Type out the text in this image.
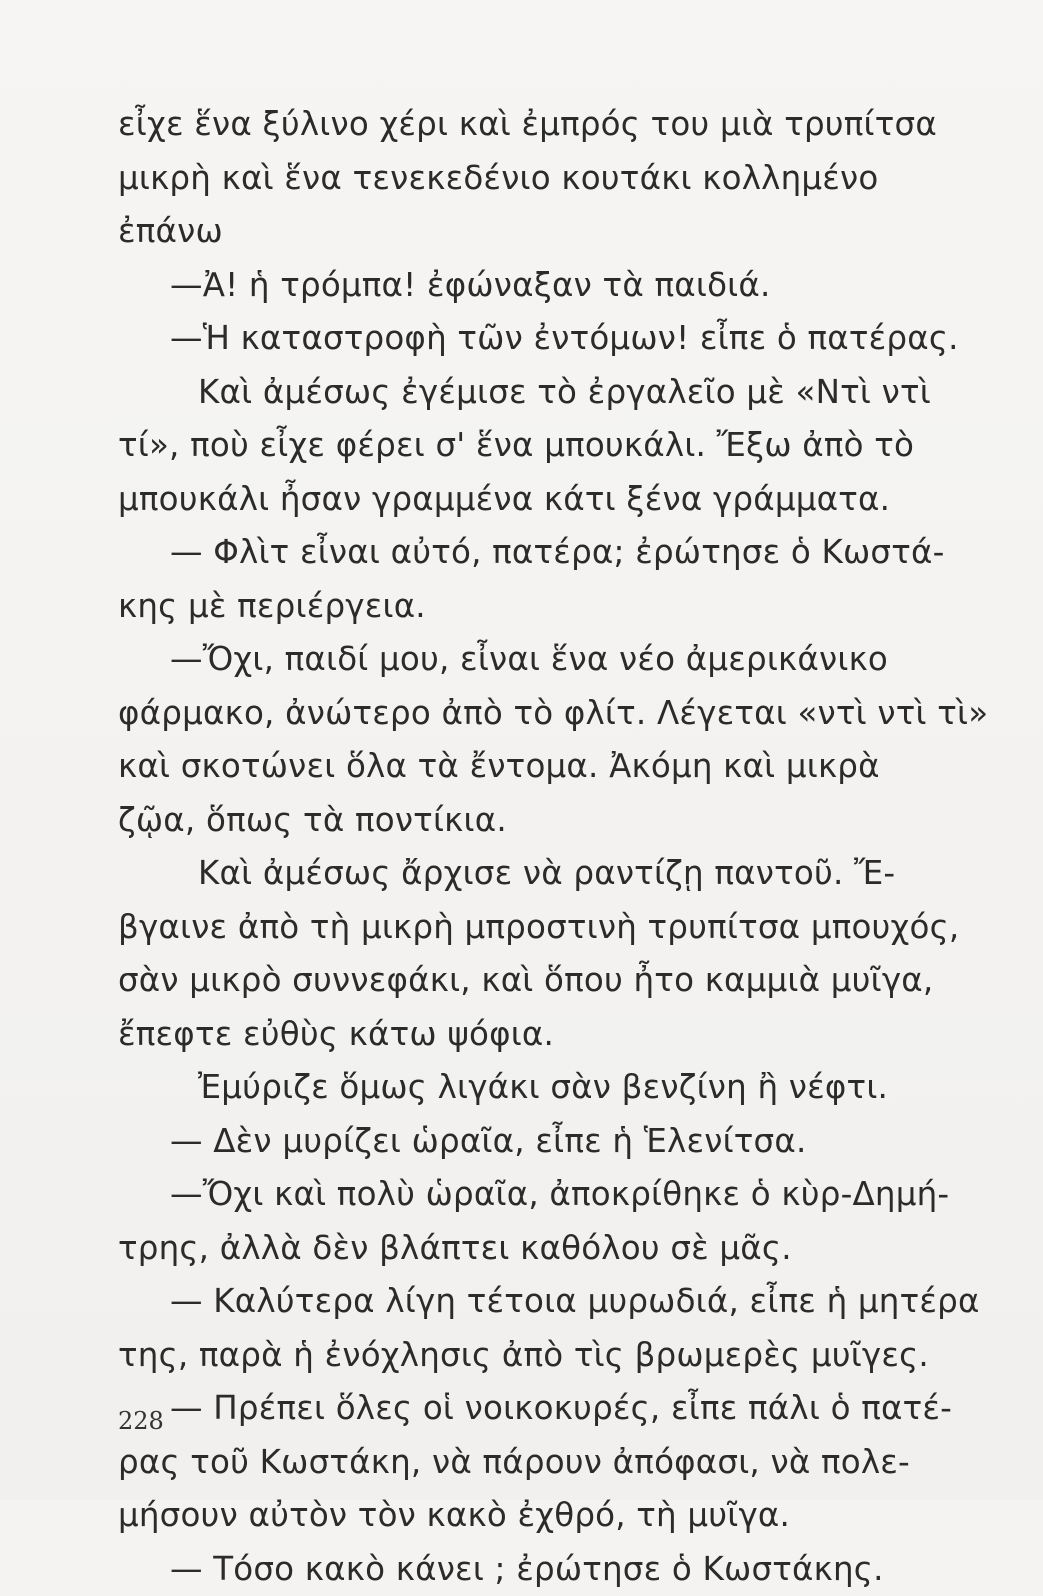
εἶχε ἕνα ξύλινο χέρι καὶ ἐμπρός του μιὰ τρυπίτσα
μικρὴ καὶ ἕνα τενεκεδένιο κουτάκι κολλημένο
ἐπάνω
—Ἀ! ἡ τρόμπα! ἐφώναξαν τὰ παιδιά.
—Ἡ καταστροφὴ τῶν ἐντόμων! εἶπε ὁ πατέρας.
Καὶ ἀμέσως ἐγέμισε τὸ ἐργαλεῖο μὲ «Ντὶ ντὶ
τί», ποὺ εἶχε φέρει σ' ἕνα μπουκάλι. Ἔξω ἀπὸ τὸ
μπουκάλι ἦσαν γραμμένα κάτι ξένα γράμματα.
— Φλὶτ εἶναι αὐτό, πατέρα; ἐρώτησε ὁ Κωστά-
κης μὲ περιέργεια.
—Ὄχι, παιδί μου, εἶναι ἕνα νέο ἀμερικάνικο
φάρμακο, ἀνώτερο ἀπὸ τὸ φλίτ. Λέγεται «ντὶ ντὶ τὶ»
καὶ σκοτώνει ὅλα τὰ ἔντομα. Ἀκόμη καὶ μικρὰ
ζῷα, ὅπως τὰ ποντίκια.
Καὶ ἀμέσως ἄρχισε νὰ ραντίζῃ παντοῦ. Ἔ-
βγαινε ἀπὸ τὴ μικρὴ μπροστινὴ τρυπίτσα μπουχός,
σὰν μικρὸ συννεφάκι, καὶ ὅπου ἦτο καμμιὰ μυῖγα,
ἔπεφτε εὐθὺς κάτω ψόφια.
Ἐμύριζε ὅμως λιγάκι σὰν βενζίνη ἢ νέφτι.
— Δὲν μυρίζει ὡραῖα, εἶπε ἡ Ἑλενίτσα.
—Ὄχι καὶ πολὺ ὡραῖα, ἀποκρίθηκε ὁ κὺρ-Δημή-
τρης, ἀλλὰ δὲν βλάπτει καθόλου σὲ μᾶς.
— Καλύτερα λίγη τέτοια μυρωδιά, εἶπε ἡ μητέρα
της, παρὰ ἡ ἐνόχλησις ἀπὸ τὶς βρωμερὲς μυῖγες.
— Πρέπει ὅλες οἱ νοικοκυρές, εἶπε πάλι ὁ πατέ-
ρας τοῦ Κωστάκη, νὰ πάρουν ἀπόφασι, νὰ πολε-
μήσουν αὐτὸν τὸν κακὸ ἐχθρό, τὴ μυῖγα.
— Τόσο κακὸ κάνει ; ἐρώτησε ὁ Κωστάκης.
228
